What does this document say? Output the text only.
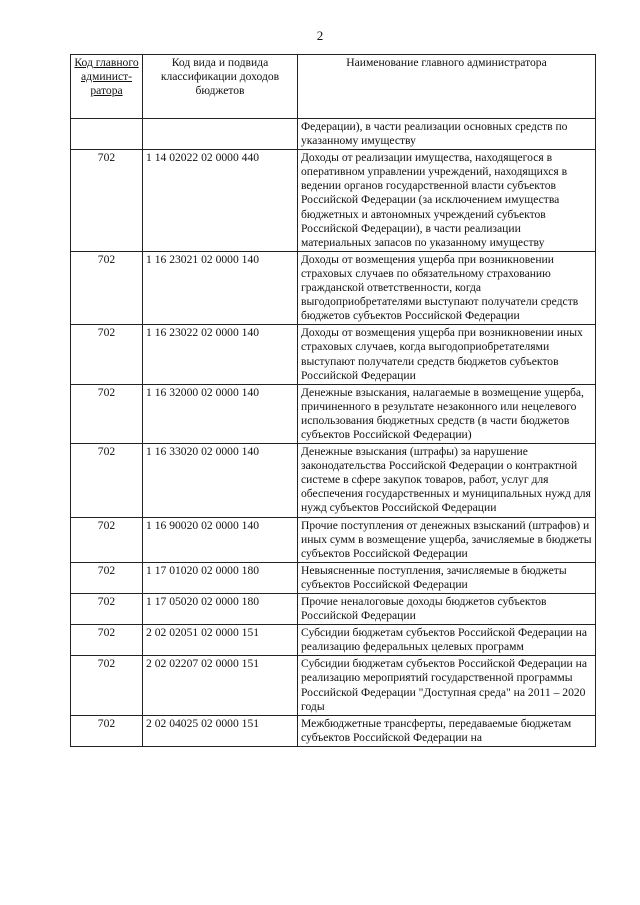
2
Код главного админист-ратора	Код вида и подвида классификации доходов бюджетов	Наименование главного администратора
		Федерации), в части реализации основных средств по указанному имуществу
702	1 14 02022 02 0000 440	Доходы от реализации имущества, находящегося в оперативном управлении учреждений, находящихся в ведении органов государственной власти субъектов Российской Федерации (за исключением имущества бюджетных и автономных учреждений субъектов Российской Федерации), в части реализации материальных запасов по указанному имуществу
702	1 16 23021 02 0000 140	Доходы от возмещения ущерба при возникновении страховых случаев по обязательному страхованию гражданской ответственности, когда выгодоприобретателями выступают получатели средств бюджетов субъектов Российской Федерации
702	1 16 23022 02 0000 140	Доходы от возмещения ущерба при возникновении иных страховых случаев, когда выгодоприобретателями выступают получатели средств бюджетов субъектов Российской Федерации
702	1 16 32000 02 0000 140	Денежные взыскания, налагаемые в возмещение ущерба, причиненного в результате незаконного или нецелевого использования бюджетных средств (в части бюджетов субъектов Российской Федерации)
702	1 16 33020 02 0000 140	Денежные взыскания (штрафы) за нарушение законодательства Российской Федерации о контрактной системе в сфере закупок товаров, работ, услуг для обеспечения государственных и муниципальных нужд для нужд субъектов Российской Федерации
702	1 16 90020 02 0000 140	Прочие поступления от денежных взысканий (штрафов) и иных сумм в возмещение ущерба, зачисляемые в бюджеты субъектов Российской Федерации
702	1 17 01020 02 0000 180	Невыясненные поступления, зачисляемые в бюджеты субъектов Российской Федерации
702	1 17 05020 02 0000 180	Прочие неналоговые доходы бюджетов субъектов Российской Федерации
702	2 02 02051 02 0000 151	Субсидии бюджетам субъектов Российской Федерации на реализацию федеральных целевых программ
702	2 02 02207 02 0000 151	Субсидии бюджетам субъектов Российской Федерации на реализацию мероприятий государственной программы Российской Федерации "Доступная среда" на 2011 – 2020 годы
702	2 02 04025 02 0000 151	Межбюджетные трансферты, передаваемые бюджетам субъектов Российской Федерации на
